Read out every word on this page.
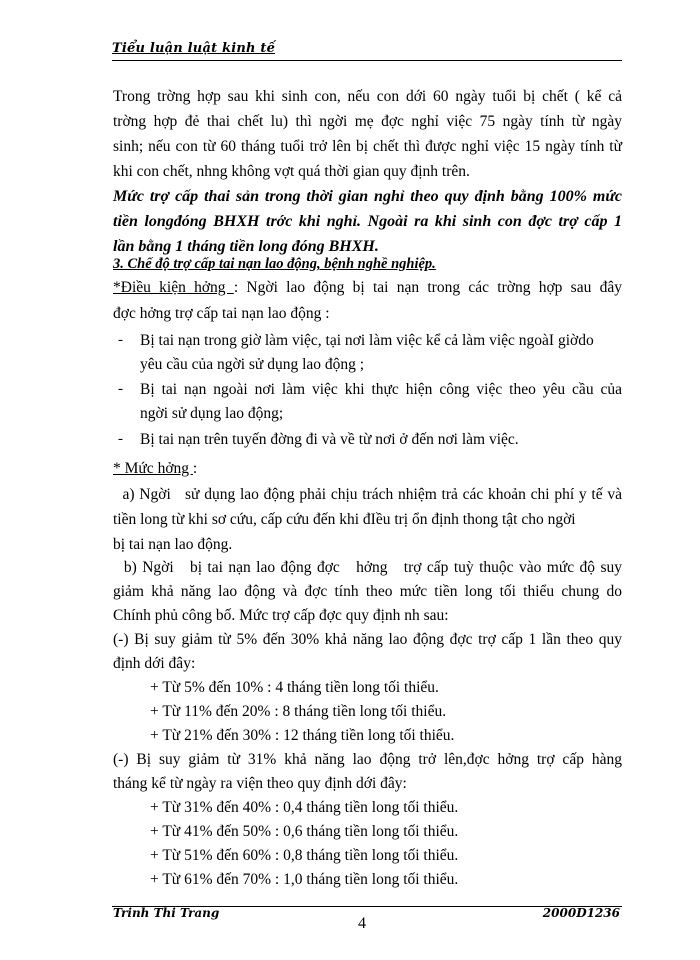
Tiểu luận luật kinh tế
Trong trờng hợp sau khi sinh con, nếu con dới 60 ngày tuổi bị chết ( kể cả
trờng hợp đẻ thai chết lu) thì ngời mẹ đợc nghỉ việc 75 ngày tính từ ngày
sinh; nếu con từ 60 tháng tuổi trở lên bị chết thì được nghỉ việc 15 ngày tính từ
khi con chết, nhng không vợt quá thời gian quy định trên.
Mức trợ cấp thai sản trong thời gian nghỉ theo quy định bằng 100% mức
tiền longđóng BHXH trớc khi nghỉ. Ngoài ra khi sinh con đợc trợ cấp 1
lần bằng 1 tháng tiền long đóng BHXH.
3. Chế độ trợ cấp tai nạn lao động, bệnh nghề nghiệp.
*Điều kiện hởng : Ngời lao động bị tai nạn trong các trờng hợp sau đây
đợc hởng trợ cấp tai nạn lao động :
- Bị tai nạn trong giờ làm việc, tại nơi làm việc kể cả làm việc ngoàI giờdo
yêu cầu của ngời sử dụng lao động ;
- Bị tai nạn ngoài nơi làm việc khi thực hiện công việc theo yêu cầu của
ngời sử dụng lao động;
- Bị tai nạn trên tuyến đờng đi và về từ nơi ở đến nơi làm việc.
* Mức hởng :
a) Ngời   sử dụng lao động phải chịu trách nhiệm trả các khoản chi phí y tế và
tiền long từ khi sơ cứu, cấp cứu đến khi đIều trị ổn định thong tật cho ngời
bị tai nạn lao động.
b) Ngời   bị tai nạn lao động đợc   hởng   trợ cấp tuỳ thuộc vào mức độ suy
giảm khả năng lao động và đợc tính theo mức tiền long tối thiểu chung do
Chính phủ công bố. Mức trợ cấp đợc quy định nh sau:
(-) Bị suy giảm từ 5% đến 30% khả năng lao động đợc trợ cấp 1 lần theo quy
định dới đây:
+ Từ 5% đến 10% : 4 tháng tiền long tối thiểu.
+ Từ 11% đến 20% : 8 tháng tiền long tối thiểu.
+ Từ 21% đến 30% : 12 tháng tiền long tối thiểu.
(-) Bị suy giảm từ 31% khả năng lao động trở lên,đợc hởng trợ cấp hàng
tháng kể từ ngày ra viện theo quy định dới đây:
+ Từ 31% đến 40% : 0,4 tháng tiền long tối thiểu.
+ Từ 41% đến 50% : 0,6 tháng tiền long tối thiểu.
+ Từ 51% đến 60% : 0,8 tháng tiền long tối thiểu.
+ Từ 61% đến 70% : 1,0 tháng tiền long tối thiểu.
Trinh Thi Trang
4
2000D1236
